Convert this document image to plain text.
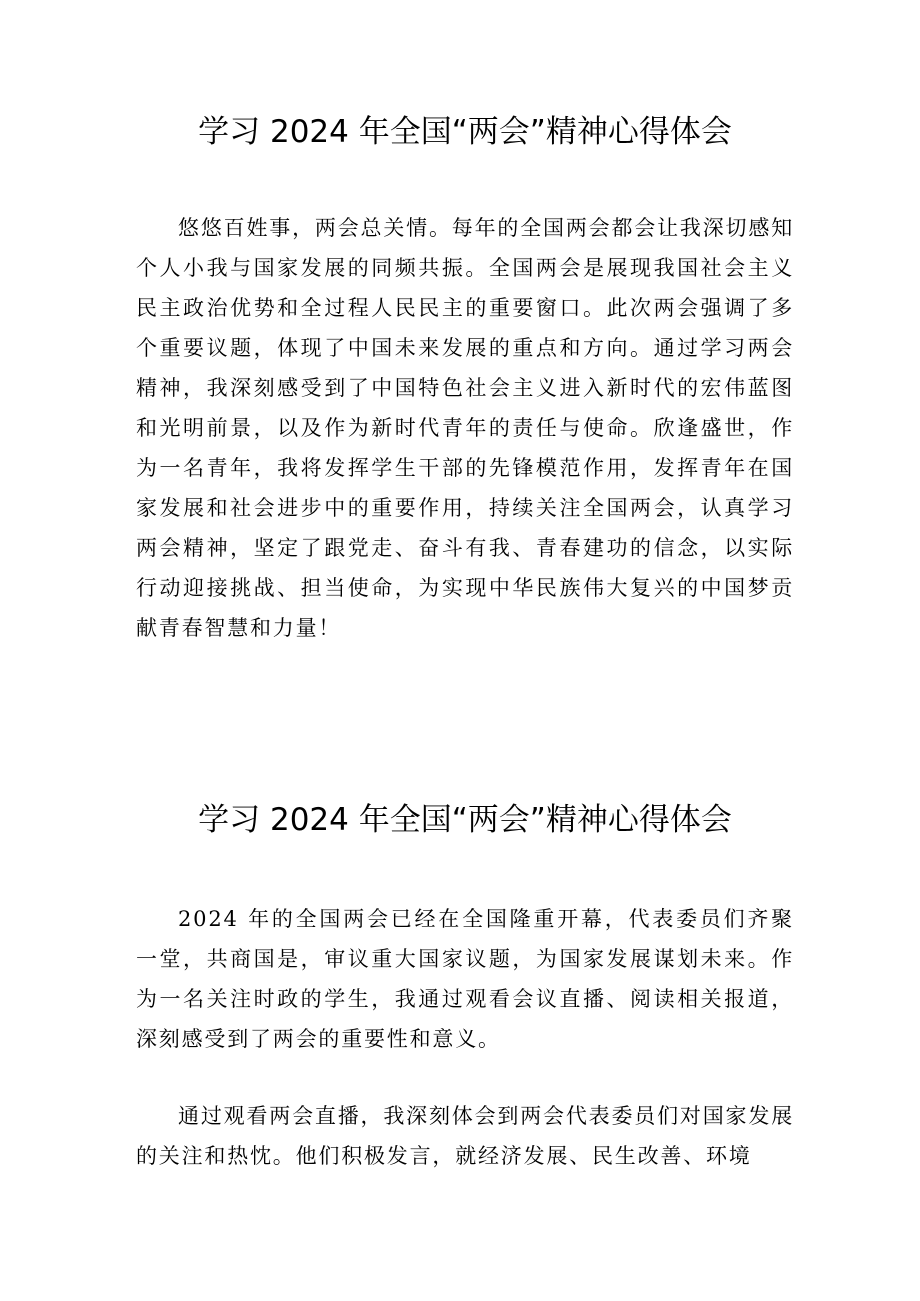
学习 2024 年全国“两会”精神心得体会

悠悠百姓事，两会总关情。每年的全国两会都会让我深切感知个人小我与国家发展的同频共振。全国两会是展现我国社会主义民主政治优势和全过程人民民主的重要窗口。此次两会强调了多个重要议题，体现了中国未来发展的重点和方向。通过学习两会精神，我深刻感受到了中国特色社会主义进入新时代的宏伟蓝图和光明前景，以及作为新时代青年的责任与使命。欣逢盛世，作为一名青年，我将发挥学生干部的先锋模范作用，发挥青年在国家发展和社会进步中的重要作用，持续关注全国两会，认真学习两会精神，坚定了跟党走、奋斗有我、青春建功的信念，以实际行动迎接挑战、担当使命，为实现中华民族伟大复兴的中国梦贡献青春智慧和力量！

学习 2024 年全国“两会”精神心得体会

2024 年的全国两会已经在全国隆重开幕，代表委员们齐聚一堂，共商国是，审议重大国家议题，为国家发展谋划未来。作为一名关注时政的学生，我通过观看会议直播、阅读相关报道，深刻感受到了两会的重要性和意义。

通过观看两会直播，我深刻体会到两会代表委员们对国家发展的关注和热忱。他们积极发言，就经济发展、民生改善、环境
